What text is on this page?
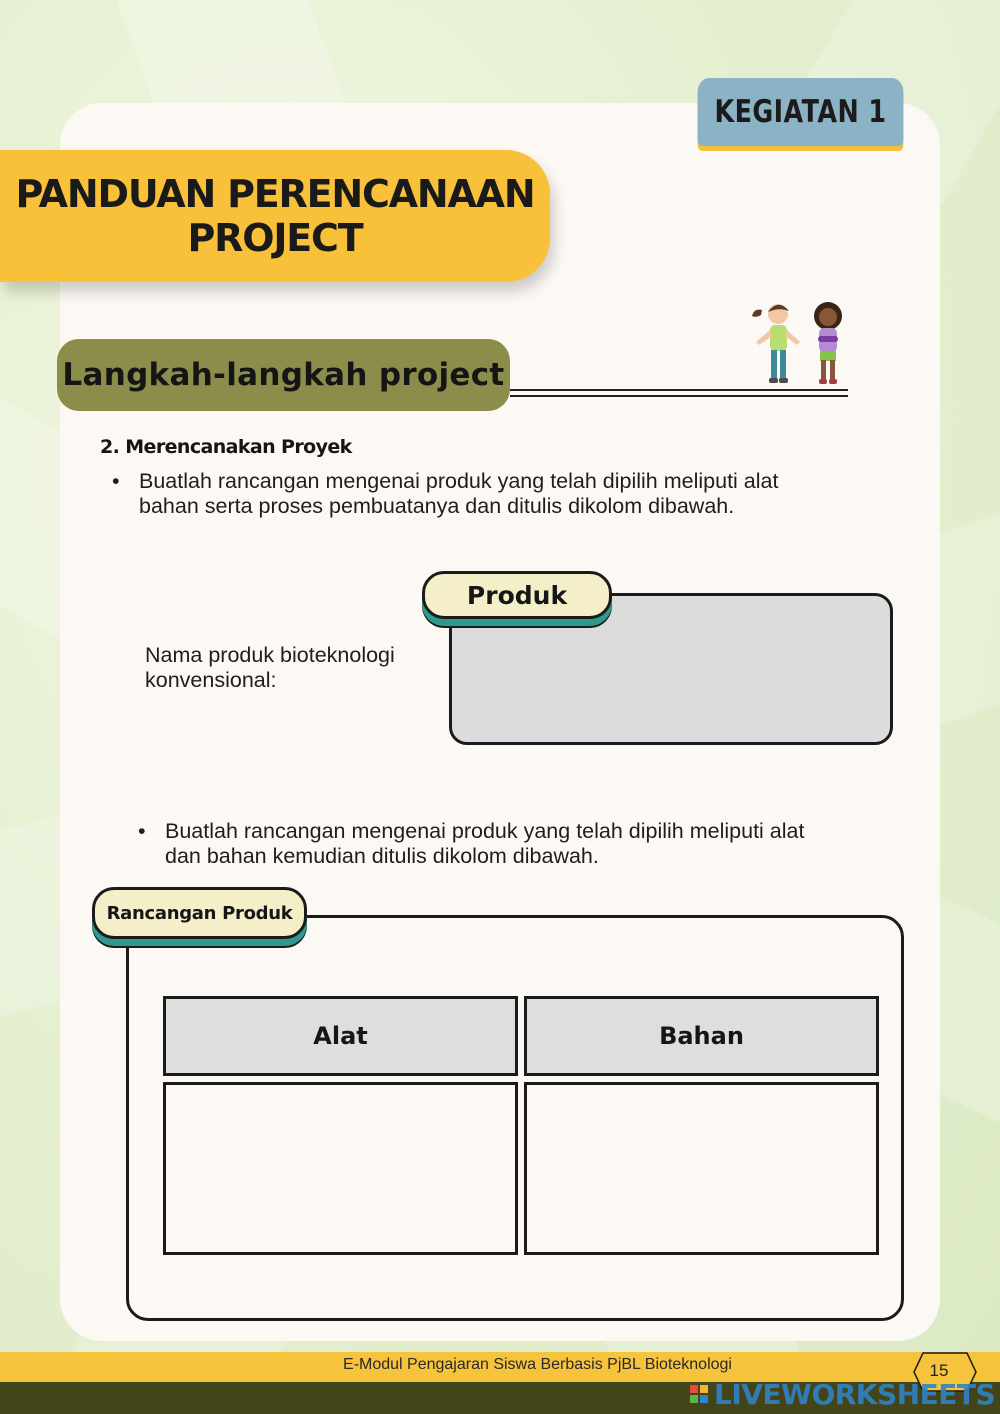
KEGIATAN 1
PANDUAN PERENCANAAN
PROJECT
Langkah-langkah project
2. Merencanakan Proyek
• Buatlah rancangan mengenai produk yang telah dipilih meliputi alat
bahan serta proses pembuatanya dan ditulis dikolom dibawah.
Produk
Nama produk bioteknologi
konvensional:
• Buatlah rancangan mengenai produk yang telah dipilih meliputi alat
dan bahan kemudian ditulis dikolom dibawah.
Rancangan Produk
Alat	Bahan
E-Modul Pengajaran Siswa Berbasis PjBL Bioteknologi	15
LIVEWORKSHEETS
